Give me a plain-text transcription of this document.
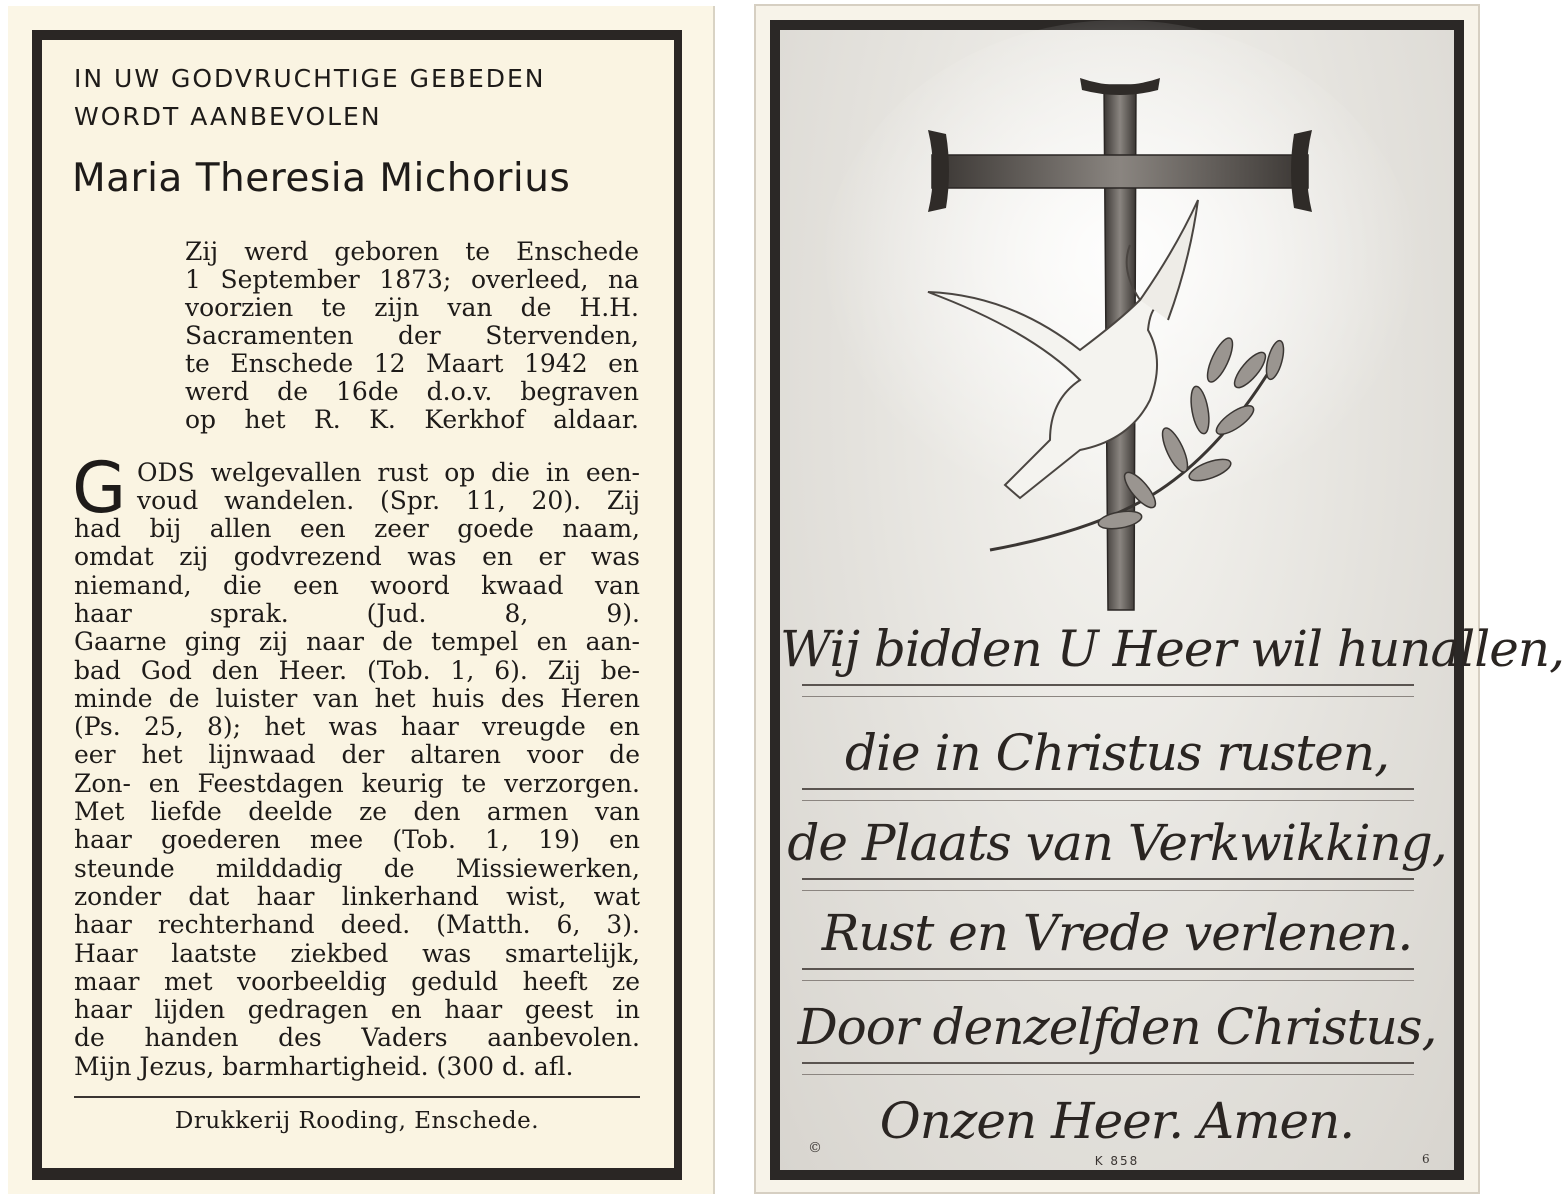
IN UW GODVRUCHTIGE GEBEDEN
WORDT AANBEVOLEN
Maria Theresia Michorius
G ODS welgevallen rust op die in een-
voud wandelen. (Spr. 11, 20). Zij
Drukkerij Rooding, Enschede.
Zij werd geboren te Enschede
1 September 1873; overleed, na
voorzien te zijn van de H.H.
Sacramenten der Stervenden,
te Enschede 12 Maart 1942 en
werd de 16de d.o.v. begraven
op het R. K. Kerkhof aldaar.
had bij allen een zeer goede naam,
omdat zij godvrezend was en er was
niemand, die een woord kwaad van
haar sprak. (Jud. 8, 9).
Gaarne ging zij naar de tempel en aan-
bad God den Heer. (Tob. 1, 6). Zij be-
minde de luister van het huis des Heren
(Ps. 25, 8); het was haar vreugde en
eer het lijnwaad der altaren voor de
Zon- en Feestdagen keurig te verzorgen.
Met liefde deelde ze den armen van
haar goederen mee (Tob. 1, 19) en
steunde milddadig de Missiewerken,
zonder dat haar linkerhand wist, wat
haar rechterhand deed. (Matth. 6, 3).
Haar laatste ziekbed was smartelijk,
maar met voorbeeldig geduld heeft ze
haar lijden gedragen en haar geest in
de handen des Vaders aanbevolen.
Mijn Jezus, barmhartigheid. (300 d. afl.
©
K 858	6
Wij bidden U Heer wil hunallen,
die in Christus rusten,
de Plaats van Verkwikking,
Rust en Vrede verlenen.
Door denzelfden Christus,
Onzen Heer. Amen.
